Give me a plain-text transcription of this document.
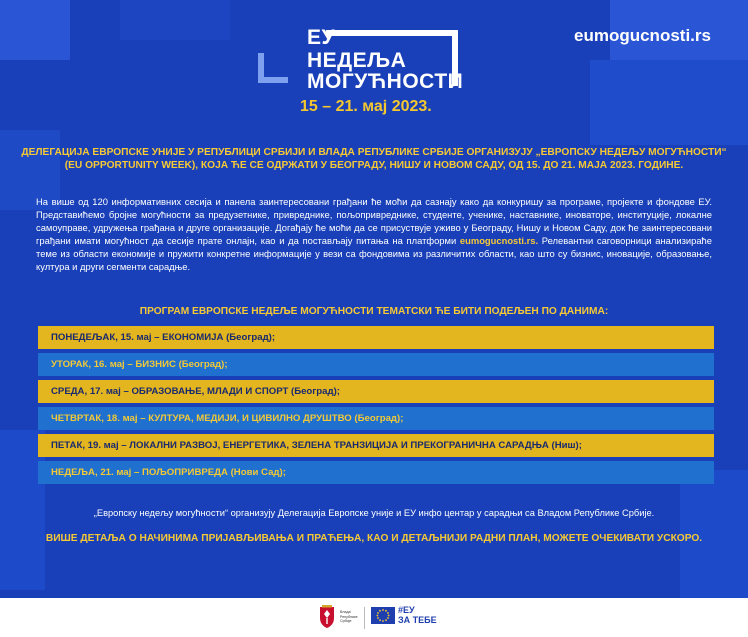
ЕУ
НЕДЕЉА
МОГУЋНОСТИ
15 – 21. мај 2023.
eumogucnosti.rs
ДЕЛЕГАЦИЈА ЕВРОПСКЕ УНИЈЕ У РЕПУБЛИЦИ СРБИЈИ И ВЛАДА РЕПУБЛИКЕ СРБИЈЕ ОРГАНИЗУЈУ „ЕВРОПСКУ НЕДЕЉУ МОГУЋНОСТИ“ (EU OPPORTUNITY WEEK), КОЈА ЋЕ СЕ ОДРЖАТИ У БЕОГРАДУ, НИШУ И НОВОМ САДУ, ОД 15. ДО 21. МАЈА 2023. ГОДИНЕ.
На више од 120 информативних сесија и панела заинтересовани грађани ће моћи да сазнају како да конкуришу за програме, пројекте и фондове ЕУ. Представићемо бројне могућности за предузетнике, привреднике, пољопривреднике, студенте, ученике, наставнике, иноваторе, институције, локалне самоуправе, удружења грађана и друге организације. Догађају ће моћи да се присуствује уживо у Београду, Нишу и Новом Саду, док ће заинтересовани грађани имати могућност да сесије прате онлајн, као и да постављају питања на платформи eumogucnosti.rs. Релевантни саговорници анализираће теме из области економије и пружити конкретне информације у вези са фондовима из различитих области, као што су бизнис, иновације, образовање, култура и други сегменти сарадње.
ПРОГРАМ ЕВРОПСКЕ НЕДЕЉЕ МОГУЋНОСТИ ТЕМАТСКИ ЋЕ БИТИ ПОДЕЉЕН ПО ДАНИМА:
ПОНЕДЕЉАК, 15. мај – ЕКОНОМИЈА (Београд);
УТОРАК, 16. мај – БИЗНИС (Београд);
СРЕДА, 17. мај – ОБРАЗОВАЊЕ, МЛАДИ И СПОРТ (Београд);
ЧЕТВРТАК, 18. мај – КУЛТУРА, МЕДИЈИ, И ЦИВИЛНО ДРУШТВО (Београд);
ПЕТАК, 19. мај – ЛОКАЛНИ РАЗВОЈ, ЕНЕРГЕТИКА, ЗЕЛЕНА ТРАНЗИЦИЈА И ПРЕКОГРАНИЧНА САРАДЊА (Ниш);
НЕДЕЉА, 21. мај – ПОЉОПРИВРЕДА (Нови Сад);
„Европску недељу могућности“ организују Делегација Европске уније и ЕУ инфо центар у сарадњи са Владом Републике Србије.
ВИШЕ ДЕТАЉА О НАЧИНИМА ПРИЈАВЉИВАЊА И ПРАЋЕЊА, КАО И ДЕТАЉНИЈИ РАДНИ ПЛАН, МОЖЕТЕ ОЧЕКИВАТИ УСКОРО.
Влада Републике Србије
#ЕУ
ЗА ТЕБЕ
